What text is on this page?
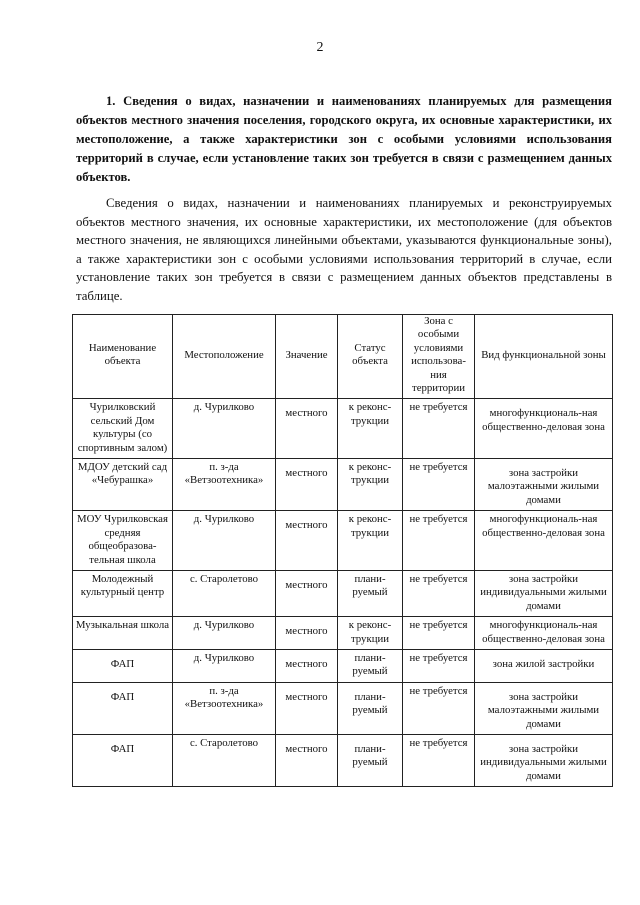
2

1. Сведения о видах, назначении и наименованиях планируемых для размещения объектов местного значения поселения, городского округа, их основные характеристики, их местоположение, а также характеристики зон с особыми условиями использования территорий в случае, если установление таких зон требуется в связи с размещением данных объектов.

Сведения о видах, назначении и наименованиях планируемых и реконструируемых объектов местного значения, их основные характеристики, их местоположение (для объектов местного значения, не являющихся линейными объектами, указываются функциональные зоны), а также характеристики зон с особыми условиями использования территорий в случае, если установление таких зон требуется в связи с размещением данных объектов представлены в таблице.

Наименование объекта	Местоположение	Значение	Статус объекта	Зона с особыми условиями использова-ния территории	Вид функциональной зоны
Чурилковский сельский Дом культуры (со спортивным залом)	д. Чурилково	местного	к реконс-трукции	не требуется	многофункциональ-ная общественно-деловая зона
МДОУ детский сад «Чебурашка»	п. з-да «Ветзоотехника»	местного	к реконс-трукции	не требуется	зона застройки малоэтажными жилыми домами
МОУ Чурилковская средняя общеобразова-тельная школа	д. Чурилково	местного	к реконс-трукции	не требуется	многофункциональ-ная общественно-деловая зона
Молодежный культурный центр	с. Старолетово	местного	плани-руемый	не требуется	зона застройки индивидуальными жилыми домами
Музыкальная школа	д. Чурилково	местного	к реконс-трукции	не требуется	многофункциональ-ная общественно-деловая зона
ФАП	д. Чурилково	местного	плани-руемый	не требуется	зона жилой застройки
ФАП	п. з-да «Ветзоотехника»	местного	плани-руемый	не требуется	зона застройки малоэтажными жилыми домами
ФАП	с. Старолетово	местного	плани-руемый	не требуется	зона застройки индивидуальными жилыми домами
